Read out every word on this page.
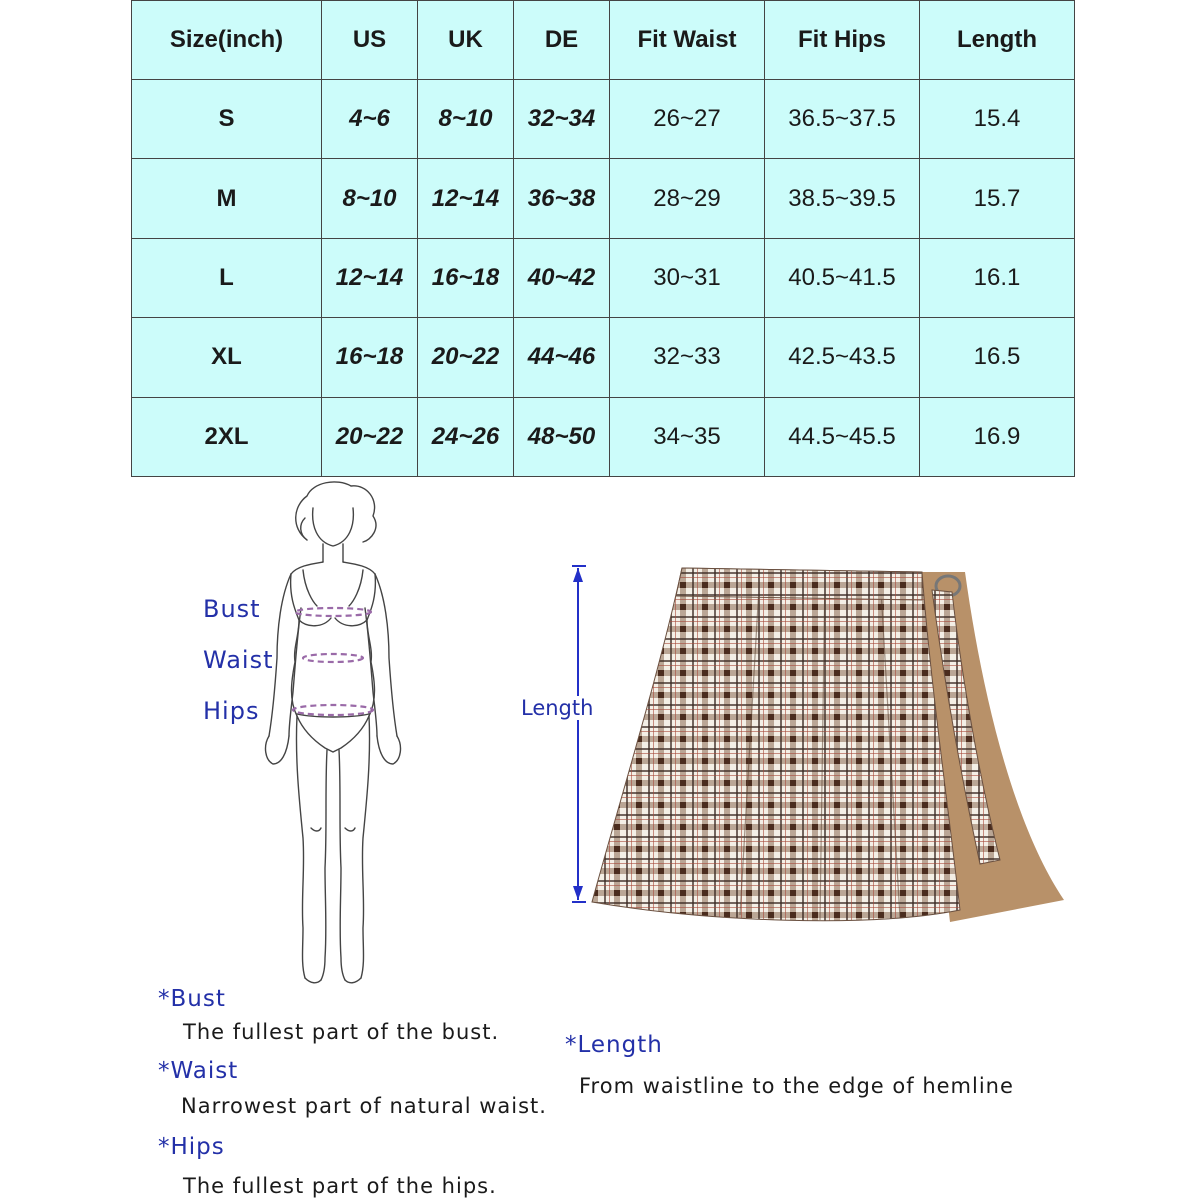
Size(inch)	US	UK	DE	Fit Waist	Fit Hips	Length
S	4~6	8~10	32~34	26~27	36.5~37.5	15.4
M	8~10	12~14	36~38	28~29	38.5~39.5	15.7
L	12~14	16~18	40~42	30~31	40.5~41.5	16.1
XL	16~18	20~22	44~46	32~33	42.5~43.5	16.5
2XL	20~22	24~26	48~50	34~35	44.5~45.5	16.9
Bust
Waist
Hips	Length
*Bust
The fullest part of the bust.
*Waist
Narrowest part of natural waist.
*Hips
The fullest part of the hips.
*Length
From waistline to the edge of hemline
